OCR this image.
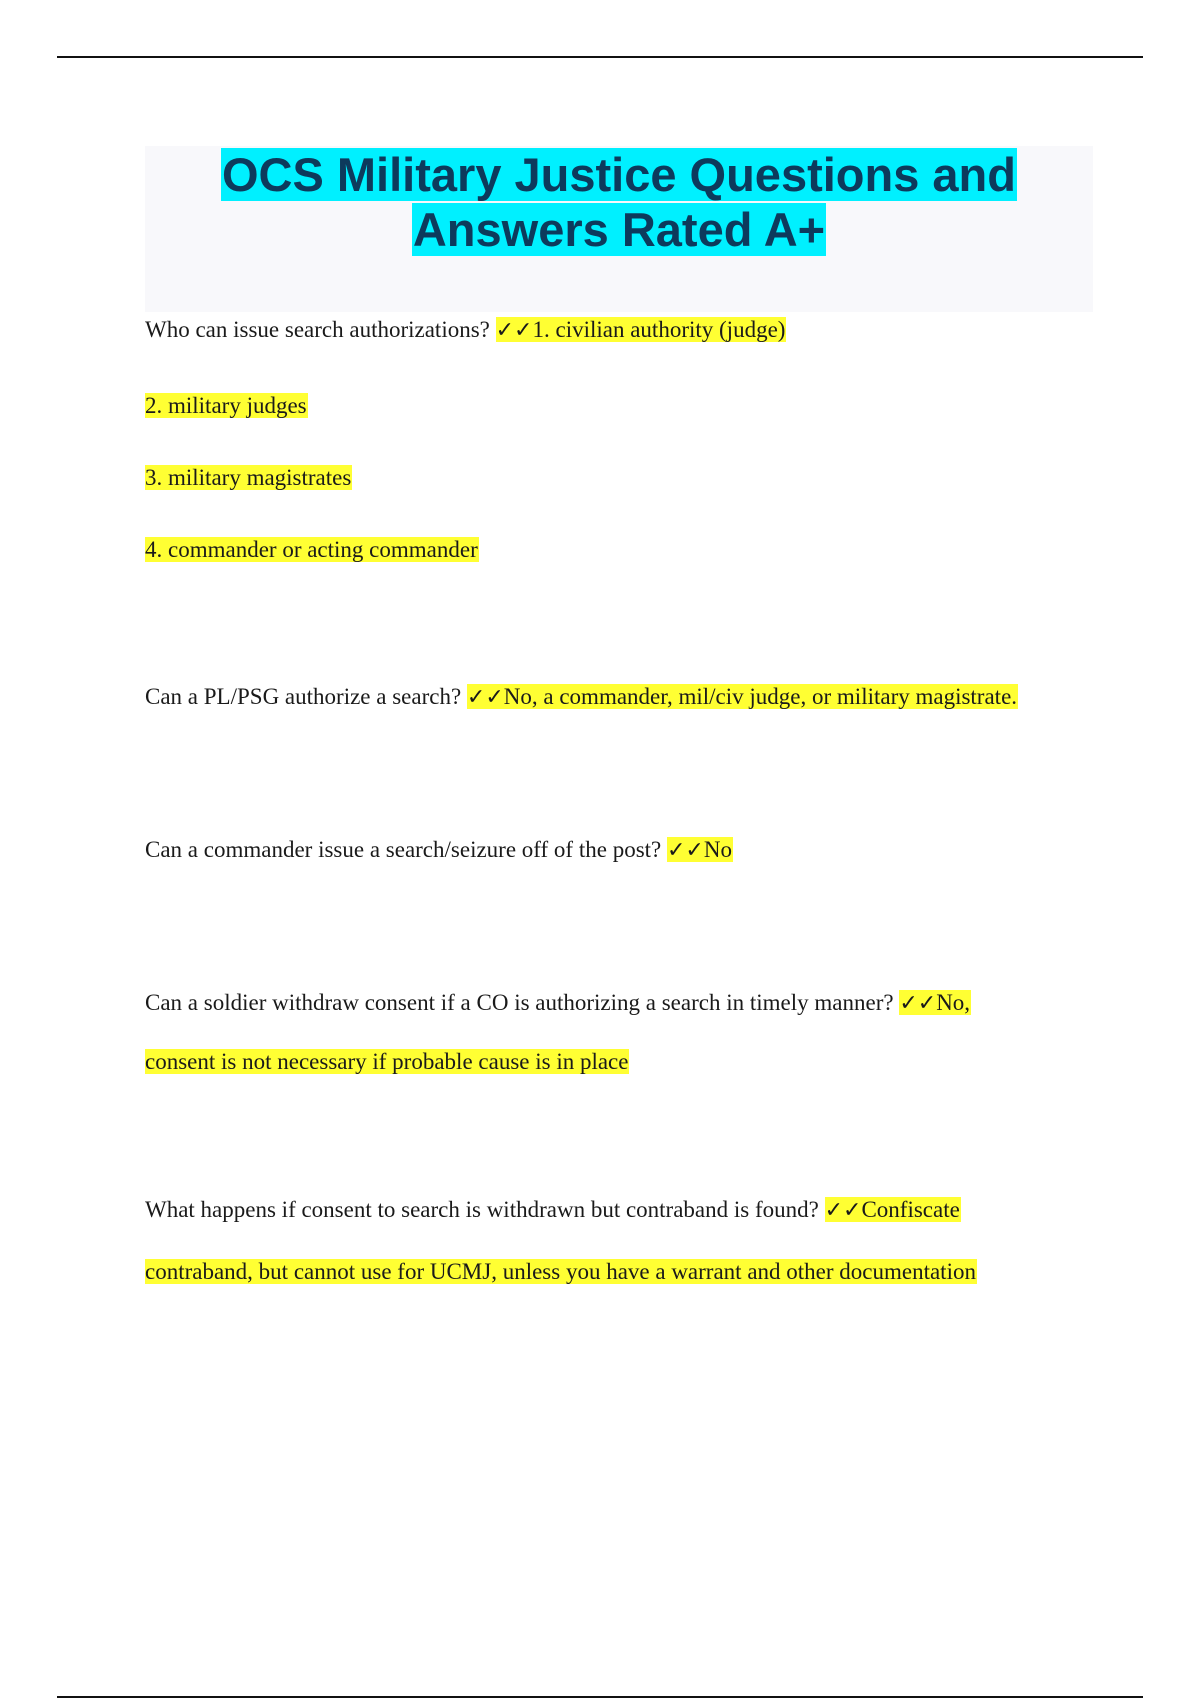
OCS Military Justice Questions and
Answers Rated A+
Who can issue search authorizations? ✓✓1. civilian authority (judge)
2. military judges
3. military magistrates
4. commander or acting commander
Can a PL/PSG authorize a search? ✓✓No, a commander, mil/civ judge, or military magistrate.
Can a commander issue a search/seizure off of the post? ✓✓No
Can a soldier withdraw consent if a CO is authorizing a search in timely manner? ✓✓No,
consent is not necessary if probable cause is in place
What happens if consent to search is withdrawn but contraband is found? ✓✓Confiscate
contraband, but cannot use for UCMJ, unless you have a warrant and other documentation
